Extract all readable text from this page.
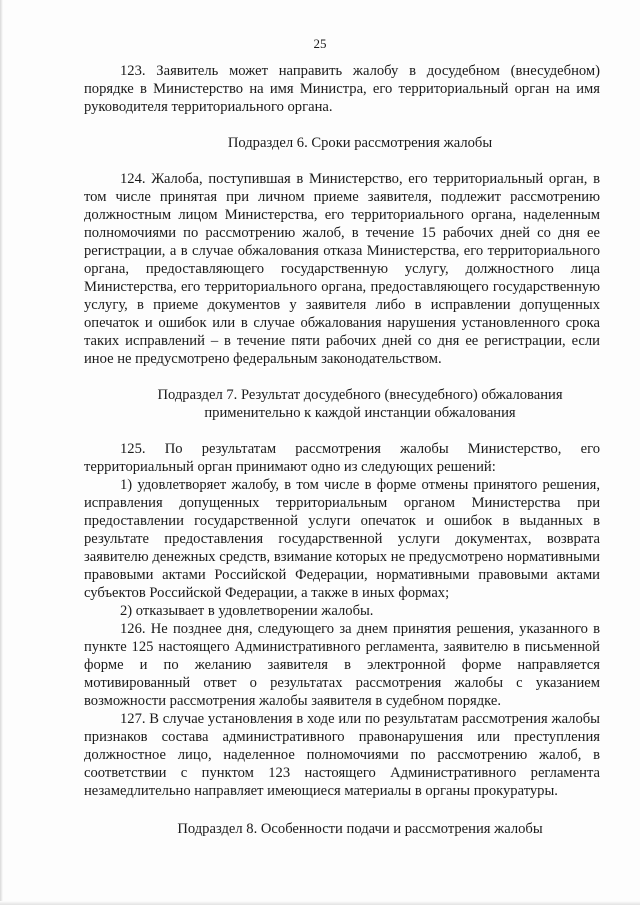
25

123. Заявитель может направить жалобу в досудебном (внесудебном) порядке в Министерство на имя Министра, его территориальный орган на имя руководителя территориального органа.

Подраздел 6. Сроки рассмотрения жалобы

124. Жалоба, поступившая в Министерство, его территориальный орган, в том числе принятая при личном приеме заявителя, подлежит рассмотрению должностным лицом Министерства, его территориального органа, наделенным полномочиями по рассмотрению жалоб, в течение 15 рабочих дней со дня ее регистрации, а в случае обжалования отказа Министерства, его территориального органа, предоставляющего государственную услугу, должностного лица Министерства, его территориального органа, предоставляющего государственную услугу, в приеме документов у заявителя либо в исправлении допущенных опечаток и ошибок или в случае обжалования нарушения установленного срока таких исправлений – в течение пяти рабочих дней со дня ее регистрации, если иное не предусмотрено федеральным законодательством.

Подраздел 7. Результат досудебного (внесудебного) обжалования

применительно к каждой инстанции обжалования

125. По результатам рассмотрения жалобы Министерство, его территориальный орган принимают одно из следующих решений:

1) удовлетворяет жалобу, в том числе в форме отмены принятого решения, исправления допущенных территориальным органом Министерства при предоставлении государственной услуги опечаток и ошибок в выданных в результате предоставления государственной услуги документах, возврата заявителю денежных средств, взимание которых не предусмотрено нормативными правовыми актами Российской Федерации, нормативными правовыми актами субъектов Российской Федерации, а также в иных формах;

2) отказывает в удовлетворении жалобы.

126. Не позднее дня, следующего за днем принятия решения, указанного в пункте 125 настоящего Административного регламента, заявителю в письменной форме и по желанию заявителя в электронной форме направляется мотивированный ответ о результатах рассмотрения жалобы с указанием возможности рассмотрения жалобы заявителя в судебном порядке.

127. В случае установления в ходе или по результатам рассмотрения жалобы признаков состава административного правонарушения или преступления должностное лицо, наделенное полномочиями по рассмотрению жалоб, в соответствии с пунктом 123 настоящего Административного регламента незамедлительно направляет имеющиеся материалы в органы прокуратуры.

Подраздел 8. Особенности подачи и рассмотрения жалобы
